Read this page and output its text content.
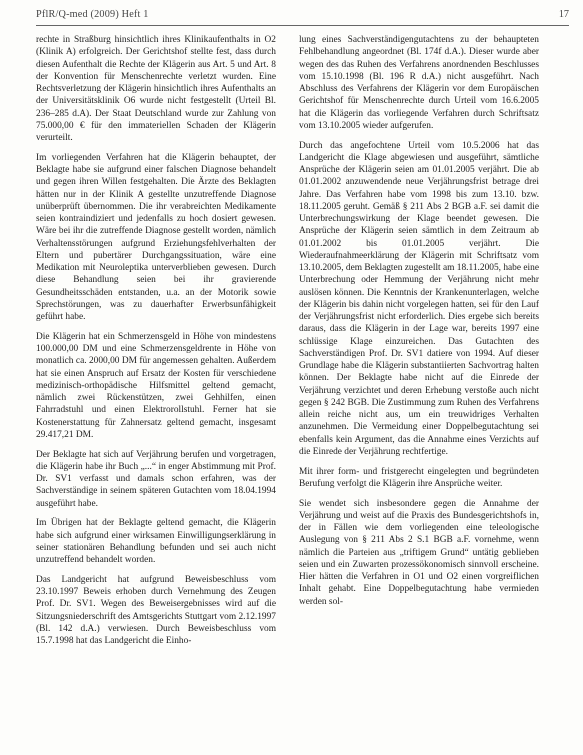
PflR/Q-med (2009) Heft 1	17

rechte in Straßburg hinsichtlich ihres Klinikaufenthalts in O2 (Klinik A) erfolgreich. Der Gerichtshof stellte fest, dass durch diesen Aufenthalt die Rechte der Klägerin aus Art. 5 und Art. 8 der Konvention für Menschenrechte verletzt wurden. Eine Rechtsverletzung der Klägerin hinsichtlich ihres Aufenthalts an der Universitätsklinik O6 wurde nicht festgestellt (Urteil Bl. 236–285 d.A). Der Staat Deutschland wurde zur Zahlung von 75.000,00 € für den immateriellen Schaden der Klägerin verurteilt.

Im vorliegenden Verfahren hat die Klägerin behauptet, der Beklagte habe sie aufgrund einer falschen Diagnose behandelt und gegen ihren Willen festgehalten. Die Ärzte des Beklagten hätten nur in der Klinik A gestellte unzutreffende Diagnose unüberprüft übernommen. Die ihr verabreichten Medikamente seien kontraindiziert und jedenfalls zu hoch dosiert gewesen. Wäre bei ihr die zutreffende Diagnose gestellt worden, nämlich Verhaltensstörungen aufgrund Erziehungsfehlverhalten der Eltern und pubertärer Durchgangssituation, wäre eine Medikation mit Neuroleptika unterverblieben gewesen. Durch diese Behandlung seien bei ihr gravierende Gesundheitsschäden entstanden, u.a. an der Motorik sowie Sprechstörungen, was zu dauerhafter Erwerbsunfähigkeit geführt habe.

Die Klägerin hat ein Schmerzensgeld in Höhe von mindestens 100.000,00 DM und eine Schmerzensgeldrente in Höhe von monatlich ca. 2000,00 DM für angemessen gehalten. Außerdem hat sie einen Anspruch auf Ersatz der Kosten für verschiedene medizinisch-orthopädische Hilfsmittel geltend gemacht, nämlich zwei Rückenstützen, zwei Gehhilfen, einen Fahrradstuhl und einen Elektrorollstuhl. Ferner hat sie Kostenerstattung für Zahnersatz geltend gemacht, insgesamt 29.417,21 DM.

Der Beklagte hat sich auf Verjährung berufen und vorgetragen, die Klägerin habe ihr Buch „...“ in enger Abstimmung mit Prof. Dr. SV1 verfasst und damals schon erfahren, was der Sachverständige in seinem späteren Gutachten vom 18.04.1994 ausgeführt habe.

Im Übrigen hat der Beklagte geltend gemacht, die Klägerin habe sich aufgrund einer wirksamen Einwilligungserklärung in seiner stationären Behandlung befunden und sei auch nicht unzutreffend behandelt worden.

Das Landgericht hat aufgrund Beweisbeschluss vom 23.10.1997 Beweis erhoben durch Vernehmung des Zeugen Prof. Dr. SV1. Wegen des Beweisergebnisses wird auf die Sitzungsniederschrift des Amtsgerichts Stuttgart vom 2.12.1997 (Bl. 142 d.A.) verwiesen. Durch Beweisbeschluss vom 15.7.1998 hat das Landgericht die Einho-

lung eines Sachverständigengutachtens zu der behaupteten Fehlbehandlung angeordnet (Bl. 174f d.A.). Dieser wurde aber wegen des das Ruhen des Verfahrens anordnenden Beschlusses vom 15.10.1998 (Bl. 196 R d.A.) nicht ausgeführt. Nach Abschluss des Verfahrens der Klägerin vor dem Europäischen Gerichtshof für Menschenrechte durch Urteil vom 16.6.2005 hat die Klägerin das vorliegende Verfahren durch Schriftsatz vom 13.10.2005 wieder aufgerufen.

Durch das angefochtene Urteil vom 10.5.2006 hat das Landgericht die Klage abgewiesen und ausgeführt, sämtliche Ansprüche der Klägerin seien am 01.01.2005 verjährt. Die ab 01.01.2002 anzuwendende neue Verjährungsfrist betrage drei Jahre. Das Verfahren habe vom 1998 bis zum 13.10. bzw. 18.11.2005 geruht. Gemäß § 211 Abs 2 BGB a.F. sei damit die Unterbrechungswirkung der Klage beendet gewesen. Die Ansprüche der Klägerin seien sämtlich in dem Zeitraum ab 01.01.2002 bis 01.01.2005 verjährt. Die Wiederaufnahmeerklärung der Klägerin mit Schriftsatz vom 13.10.2005, dem Beklagten zugestellt am 18.11.2005, habe eine Unterbrechung oder Hemmung der Verjährung nicht mehr auslösen können. Die Kenntnis der Krankenunterlagen, welche der Klägerin bis dahin nicht vorgelegen hatten, sei für den Lauf der Verjährungsfrist nicht erforderlich. Dies ergebe sich bereits daraus, dass die Klägerin in der Lage war, bereits 1997 eine schlüssige Klage einzureichen. Das Gutachten des Sachverständigen Prof. Dr. SV1 datiere von 1994. Auf dieser Grundlage habe die Klägerin substantiierten Sachvortrag halten können. Der Beklagte habe nicht auf die Einrede der Verjährung verzichtet und deren Erhebung verstoße auch nicht gegen § 242 BGB. Die Zustimmung zum Ruhen des Verfahrens allein reiche nicht aus, um ein treuwidriges Verhalten anzunehmen. Die Vermeidung einer Doppelbegutachtung sei ebenfalls kein Argument, das die Annahme eines Verzichts auf die Einrede der Verjährung rechtfertige.

Mit ihrer form- und fristgerecht eingelegten und begründeten Berufung verfolgt die Klägerin ihre Ansprüche weiter.

Sie wendet sich insbesondere gegen die Annahme der Verjährung und weist auf die Praxis des Bundesgerichtshofs in, der in Fällen wie dem vorliegenden eine teleologische Auslegung von § 211 Abs 2 S.1 BGB a.F. vornehme, wenn nämlich die Parteien aus „triftigem Grund“ untätig geblieben seien und ein Zuwarten prozessökonomisch sinnvoll erscheine. Hier hätten die Verfahren in O1 und O2 einen vorgreiflichen Inhalt gehabt. Eine Doppelbegutachtung habe vermieden werden sol-
